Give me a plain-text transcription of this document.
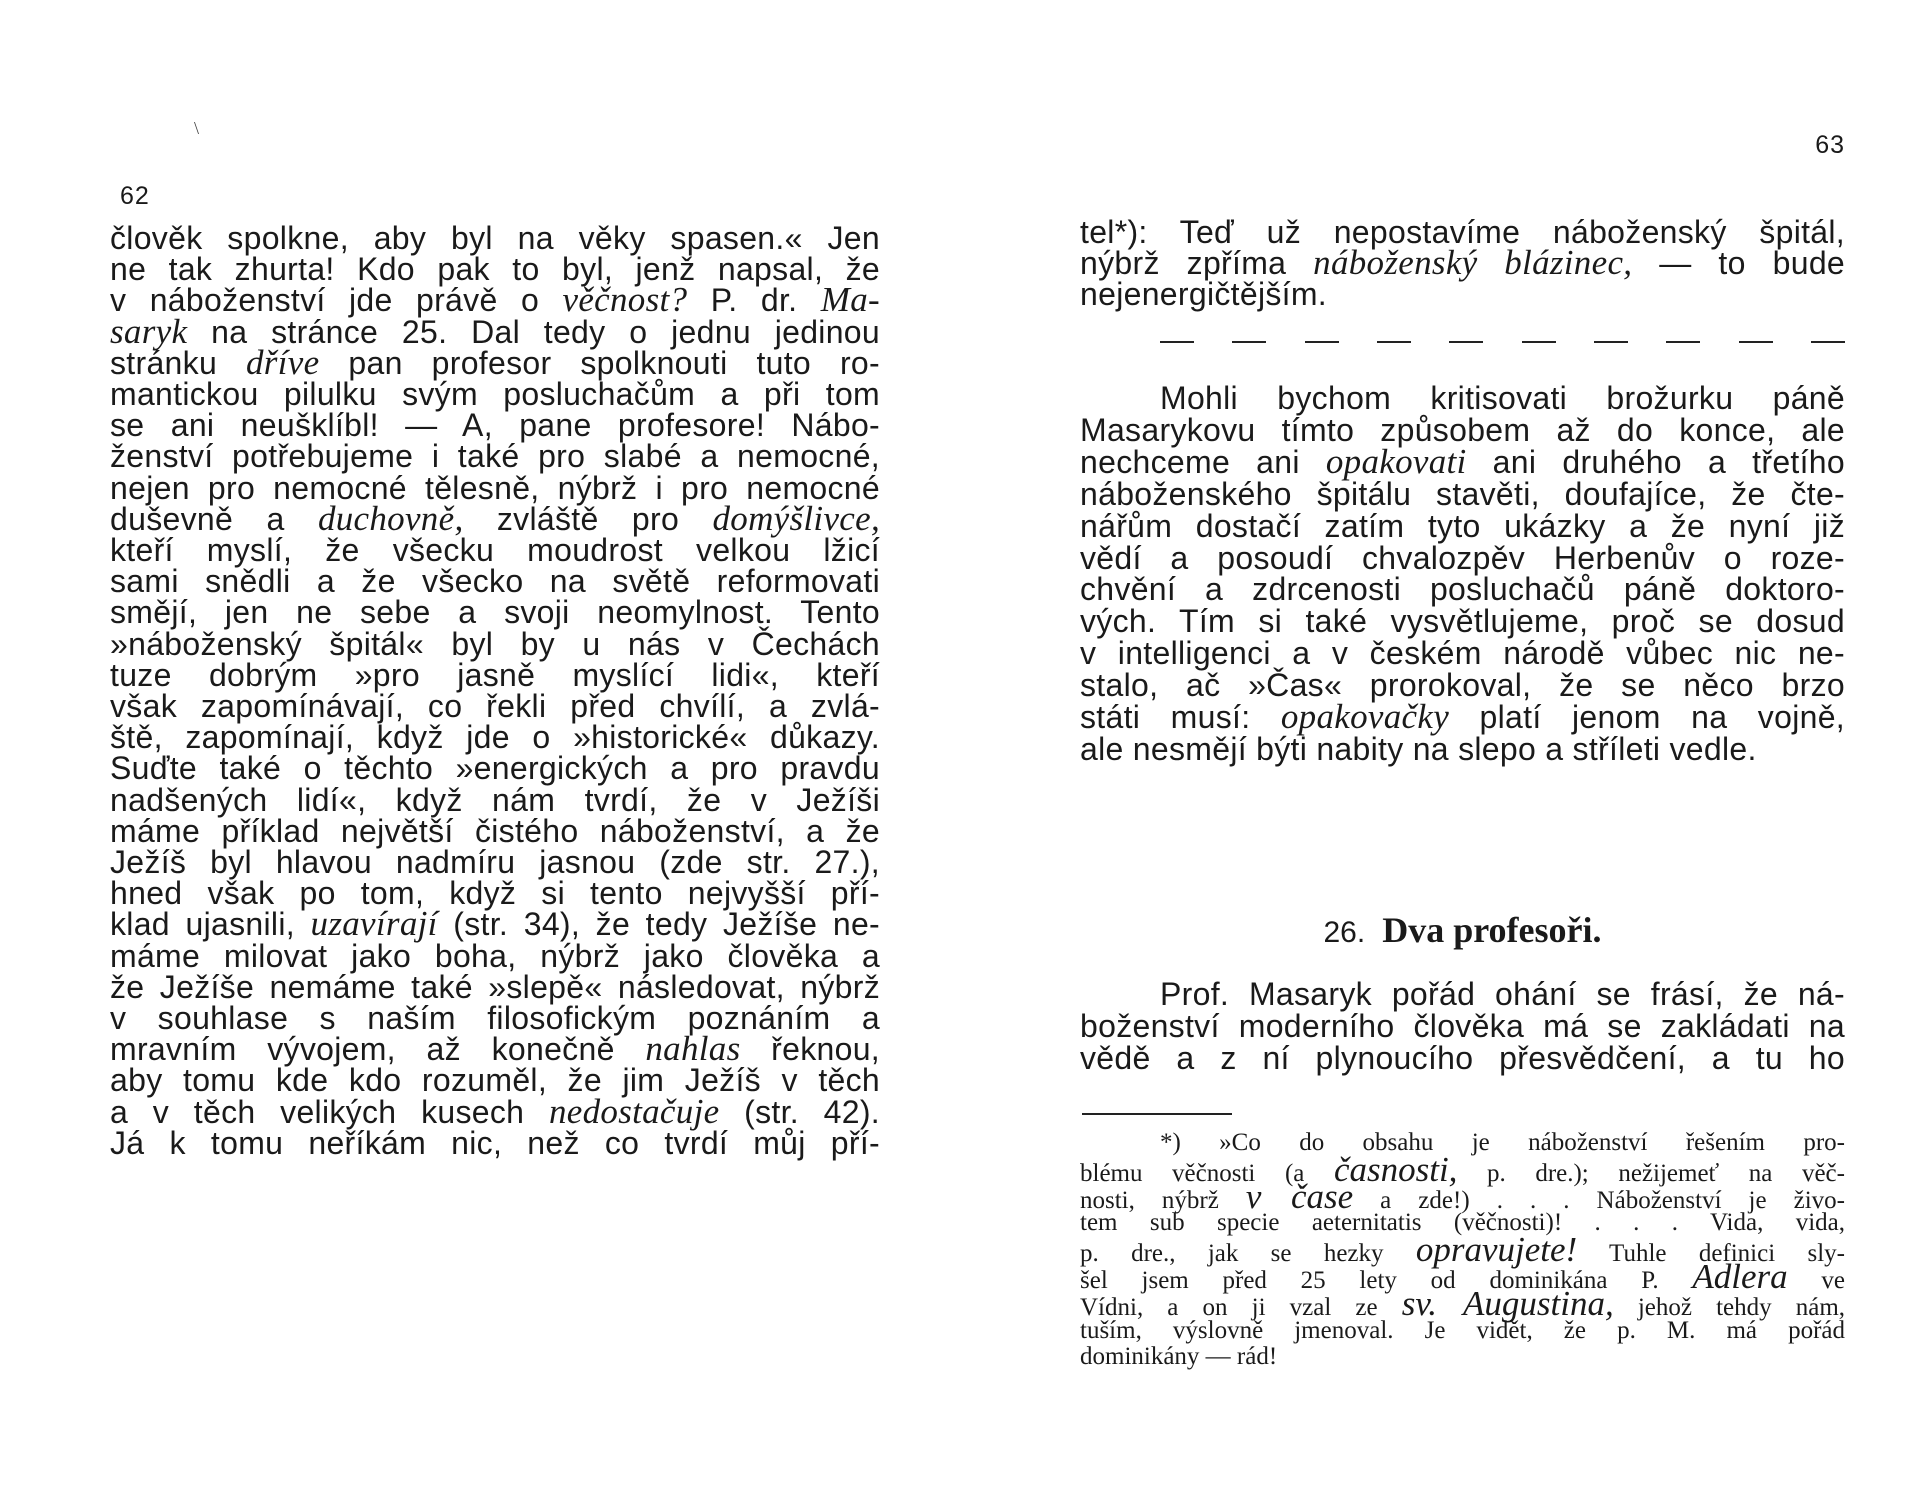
\
62
člověk spolkne, aby byl na věky spasen.« Jen
ne tak zhurta! Kdo pak to byl, jenž napsal, že
v náboženství jde právě o věčnost? P. dr. Ma-
saryk na stránce 25. Dal tedy o jednu jedinou
stránku dříve pan profesor spolknouti tuto ro-
mantickou pilulku svým posluchačům a při tom
se ani neušklíbl! — A, pane profesore! Nábo-
ženství potřebujeme i také pro slabé a nemocné,
nejen pro nemocné tělesně, nýbrž i pro nemocné
duševně a duchovně, zvláště pro domýšlivce,
kteří myslí, že všecku moudrost velkou lžicí
sami snědli a že všecko na světě reformovati
smějí, jen ne sebe a svoji neomylnost. Tento
»náboženský špitál« byl by u nás v Čechách
tuze dobrým »pro jasně myslící lidi«, kteří
však zapomínávají, co řekli před chvílí, a zvlá-
ště, zapomínají, když jde o »historické« důkazy.
Suďte také o těchto »energických a pro pravdu
nadšených lidí«, když nám tvrdí, že v Ježíši
máme příklad největší čistého náboženství, a že
Ježíš byl hlavou nadmíru jasnou (zde str. 27.),
hned však po tom, když si tento nejvyšší pří-
klad ujasnili, uzavírají (str. 34), že tedy Ježíše ne-
máme milovat jako boha, nýbrž jako člověka a
že Ježíše nemáme také »slepě« následovat, nýbrž
v souhlase s naším filosofickým poznáním a
mravním vývojem, až konečně nahlas řeknou,
aby tomu kde kdo rozuměl, že jim Ježíš v těch
a v těch velikých kusech nedostačuje (str. 42).
Já k tomu neříkám nic, než co tvrdí můj pří-
63
tel*): Teď už nepostavíme náboženský špitál,
nýbrž zpříma náboženský blázinec, — to bude
nejenergičtějším.
Mohli bychom kritisovati brožurku páně
Masarykovu tímto způsobem až do konce, ale
nechceme ani opakovati ani druhého a třetího
náboženského špitálu stavěti, doufajíce, že čte-
nářům dostačí zatím tyto ukázky a že nyní již
vědí a posoudí chvalozpěv Herbenův o roze-
chvění a zdrcenosti posluchačů páně doktoro-
vých. Tím si také vysvětlujeme, proč se dosud
v intelligenci a v českém národě vůbec nic ne-
stalo, ač »Čas« prorokoval, že se něco brzo
státi musí: opakovačky platí jenom na vojně,
ale nesmějí býti nabity na slepo a stříleti vedle.
26. Dva profesoři.
Prof. Masaryk pořád ohání se frásí, že ná-
boženství moderního člověka má se zakládati na
vědě a z ní plynoucího přesvědčení, a tu ho
*) »Co do obsahu je náboženství řešením pro-
blému věčnosti (a časnosti, p. dre.); nežijemeť na věč-
nosti, nýbrž v čase a zde!) . . . Náboženství je živo-
tem sub specie aeternitatis (věčnosti)! . . . Vida, vida,
p. dre., jak se hezky opravujete! Tuhle definici sly-
šel jsem před 25 lety od dominikána P. Adlera ve
Vídni, a on ji vzal ze sv. Augustina, jehož tehdy nám,
tuším, výslovně jmenoval. Je vidět, že p. M. má pořád
dominikány — rád!
